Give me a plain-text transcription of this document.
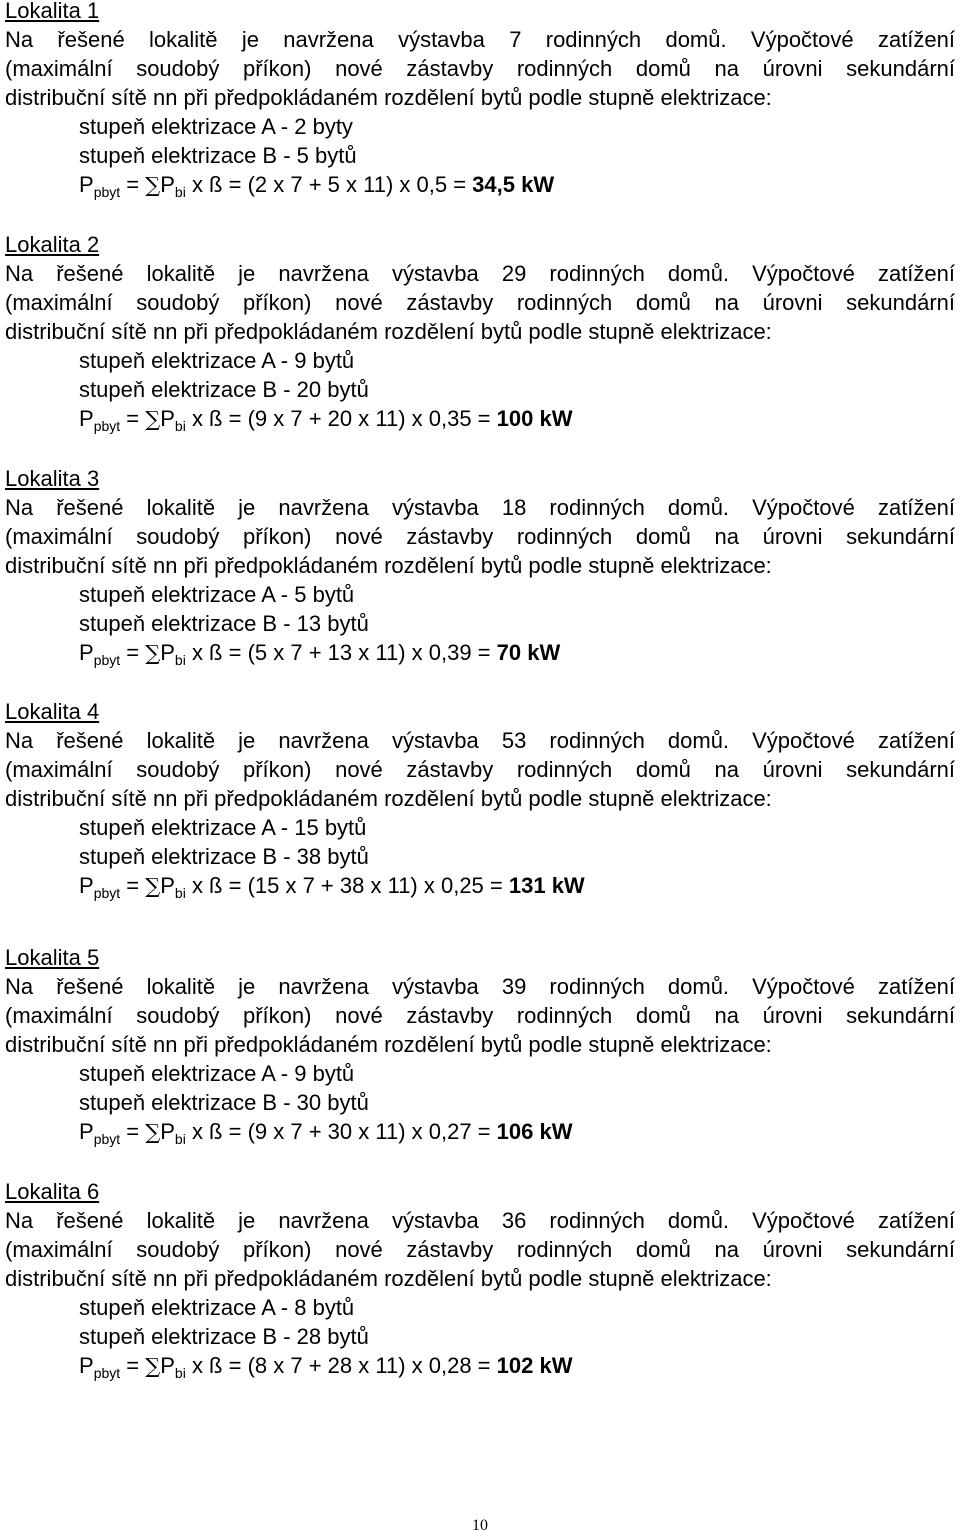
Lokalita 1
Na řešené lokalitě je navržena výstavba 7 rodinných domů. Výpočtové zatížení
(maximální soudobý příkon) nové zástavby rodinných domů na úrovni sekundární
distribuční sítě nn při předpokládaném rozdělení bytů podle stupně elektrizace:
stupeň elektrizace A - 2 byty
stupeň elektrizace B - 5 bytů
$P_{pbyt} = \sum P_{bi}$ x ß = (2 x 7 + 5 x 11) x 0,5 = 34,5 kW
Lokalita 2
Na řešené lokalitě je navržena výstavba 29 rodinných domů. Výpočtové zatížení
(maximální soudobý příkon) nové zástavby rodinných domů na úrovni sekundární
distribuční sítě nn při předpokládaném rozdělení bytů podle stupně elektrizace:
stupeň elektrizace A - 9 bytů
stupeň elektrizace B - 20 bytů
$P_{pbyt} = \sum P_{bi}$ x ß = (9 x 7 + 20 x 11) x 0,35 = 100 kW
Lokalita 3
Na řešené lokalitě je navržena výstavba 18 rodinných domů. Výpočtové zatížení
(maximální soudobý příkon) nové zástavby rodinných domů na úrovni sekundární
distribuční sítě nn při předpokládaném rozdělení bytů podle stupně elektrizace:
stupeň elektrizace A - 5 bytů
stupeň elektrizace B - 13 bytů
$P_{pbyt} = \sum P_{bi}$ x ß = (5 x 7 + 13 x 11) x 0,39 = 70 kW
Lokalita 4
Na řešené lokalitě je navržena výstavba 53 rodinných domů. Výpočtové zatížení
(maximální soudobý příkon) nové zástavby rodinných domů na úrovni sekundární
distribuční sítě nn při předpokládaném rozdělení bytů podle stupně elektrizace:
stupeň elektrizace A - 15 bytů
stupeň elektrizace B - 38 bytů
$P_{pbyt} = \sum P_{bi}$ x ß = (15 x 7 + 38 x 11) x 0,25 = 131 kW
Lokalita 5
Na řešené lokalitě je navržena výstavba 39 rodinných domů. Výpočtové zatížení
(maximální soudobý příkon) nové zástavby rodinných domů na úrovni sekundární
distribuční sítě nn při předpokládaném rozdělení bytů podle stupně elektrizace:
stupeň elektrizace A - 9 bytů
stupeň elektrizace B - 30 bytů
$P_{pbyt} = \sum P_{bi}$ x ß = (9 x 7 + 30 x 11) x 0,27 = 106 kW
Lokalita 6
Na řešené lokalitě je navržena výstavba 36 rodinných domů. Výpočtové zatížení
(maximální soudobý příkon) nové zástavby rodinných domů na úrovni sekundární
distribuční sítě nn při předpokládaném rozdělení bytů podle stupně elektrizace:
stupeň elektrizace A - 8 bytů
stupeň elektrizace B - 28 bytů
$P_{pbyt} = \sum P_{bi}$ x ß = (8 x 7 + 28 x 11) x 0,28 = 102 kW
10
